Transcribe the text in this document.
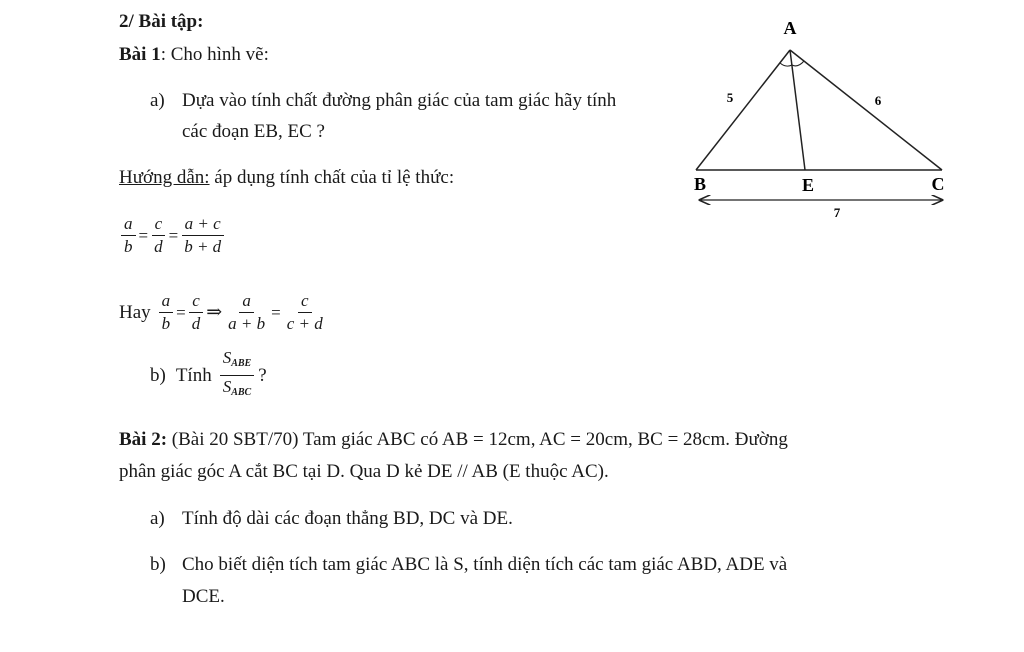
2/ Bài tập:
Bài 1: Cho hình vẽ:
a) Dựa vào tính chất đường phân giác của tam giác hãy tính
các đoạn EB, EC ?
Hướng dẫn: áp dụng tính chất của tỉ lệ thức:
$\frac{a}{b} = \frac{c}{d} = \frac{a + c}{b + d}$
Hay $\frac{a}{b} = \frac{c}{d}$ ⇒ $\frac{a}{a + b} = \frac{c}{c + d}$
b) Tính $\frac{S_{ABE}}{S_{ABC}}$ ?
Bài 2: (Bài 20 SBT/70) Tam giác ABC có AB = 12cm, AC = 20cm, BC = 28cm. Đường
phân giác góc A cắt BC tại D. Qua D kẻ DE // AB (E thuộc AC).
a) Tính độ dài các đoạn thẳng BD, DC và DE.
b) Cho biết diện tích tam giác ABC là S, tính diện tích các tam giác ABD, ADE và
DCE.
A
B	C
E
5	6
7
